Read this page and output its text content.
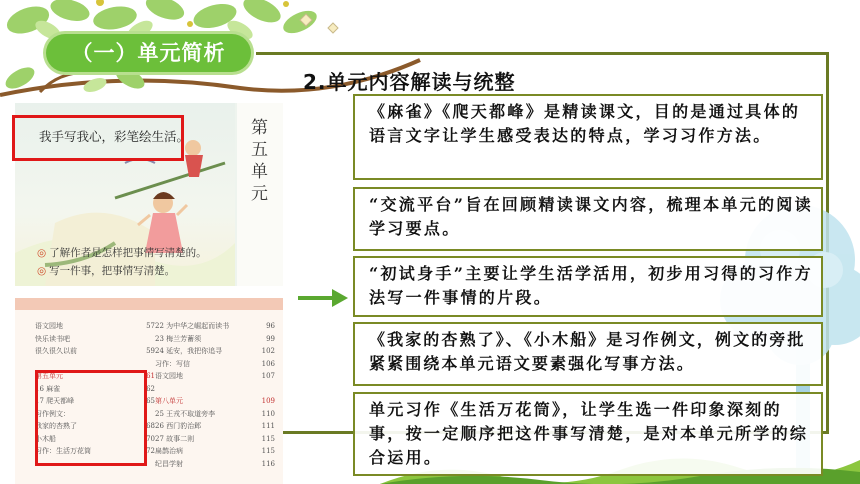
（一）单元简析
2.单元内容解读与统整
第
五
单
元
我手写我心，彩笔绘生活。
◎ 了解作者是怎样把事情写清楚的。
◎ 写一件事，把事情写清楚。
语文园地	57
快乐读书吧
很久很久以前	59
第五单元	61
16 麻雀	62
17 爬天都峰	65
习作例文：
我家的杏熟了	68
小木船	70
习作：生活万花筒	72
22 为中华之崛起而读书	96
23 梅兰芳蓄须	99
24 延安，我把你追寻	102
习作：写信	106
语文园地	107
第八单元	109
25 王戎不取道旁李	110
26 西门豹治邺	111
27 故事二则	115
扁鹊治病	115
纪昌学射	116
《麻雀》《爬天都峰》是精读课文，目的是通过具体的语言文字让学生感受表达的特点，学习习作方法。
“交流平台”旨在回顾精读课文内容，梳理本单元的阅读学习要点。
“初试身手”主要让学生活学活用，初步用习得的习作方法写一件事情的片段。
《我家的杏熟了》、《小木船》是习作例文，例文的旁批紧紧围绕本单元语文要素强化写事方法。
单元习作《生活万花筒》，让学生选一件印象深刻的事，按一定顺序把这件事写清楚，是对本单元所学的综合运用。
